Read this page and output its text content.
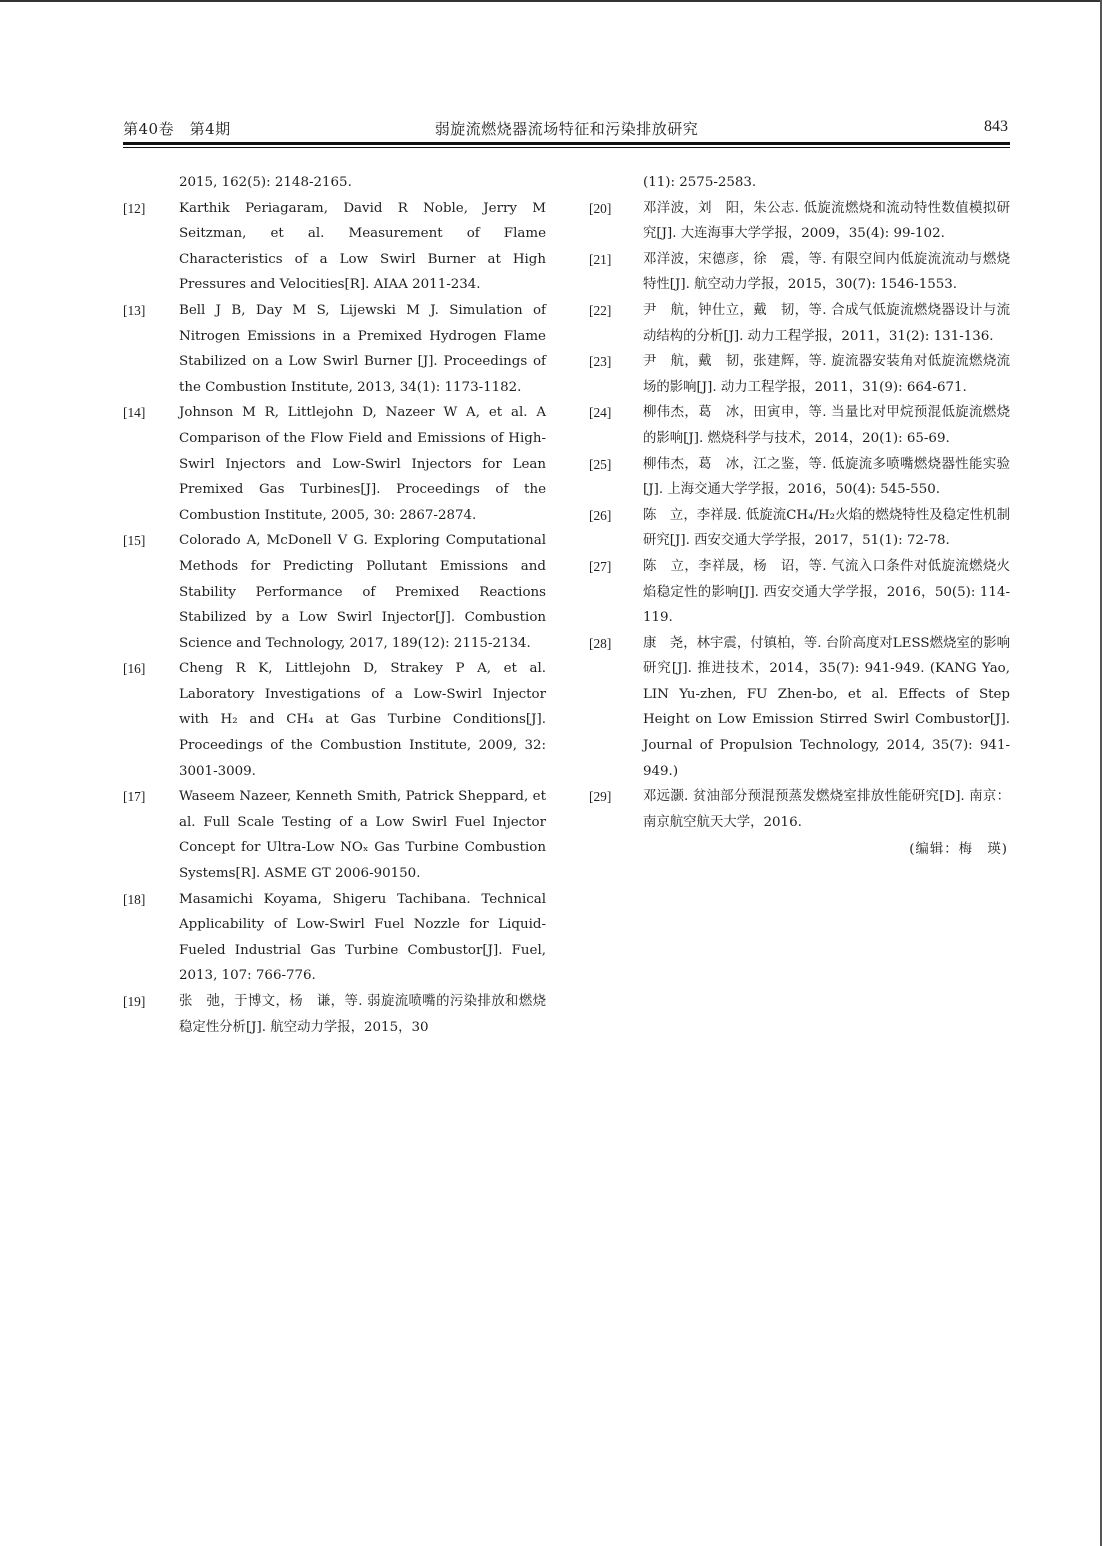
第40卷　第4期	弱旋流燃烧器流场特征和污染排放研究	843
2015, 162(5): 2148-2165.
[12]	Karthik Periagaram, David R Noble, Jerry M Seitzman, et al. Measurement of Flame Characteristics of a Low Swirl Burner at High Pressures and Velocities[R]. AIAA 2011-234.
[13]	Bell J B, Day M S, Lijewski M J. Simulation of Nitrogen Emissions in a Premixed Hydrogen Flame Stabilized on a Low Swirl Burner [J]. Proceedings of the Combustion Institute, 2013, 34(1): 1173-1182.
[14]	Johnson M R, Littlejohn D, Nazeer W A, et al. A Comparison of the Flow Field and Emissions of High-Swirl Injectors and Low-Swirl Injectors for Lean Premixed Gas Turbines[J]. Proceedings of the Combustion Institute, 2005, 30: 2867-2874.
[15]	Colorado A, McDonell V G. Exploring Computational Methods for Predicting Pollutant Emissions and Stability Performance of Premixed Reactions Stabilized by a Low Swirl Injector[J]. Combustion Science and Technology, 2017, 189(12): 2115-2134.
[16]	Cheng R K, Littlejohn D, Strakey P A, et al. Laboratory Investigations of a Low-Swirl Injector with H₂ and CH₄ at Gas Turbine Conditions[J]. Proceedings of the Combustion Institute, 2009, 32: 3001-3009.
[17]	Waseem Nazeer, Kenneth Smith, Patrick Sheppard, et al. Full Scale Testing of a Low Swirl Fuel Injector Concept for Ultra-Low NOₓ Gas Turbine Combustion Systems[R]. ASME GT 2006-90150.
[18]	Masamichi Koyama, Shigeru Tachibana. Technical Applicability of Low-Swirl Fuel Nozzle for Liquid-Fueled Industrial Gas Turbine Combustor[J]. Fuel, 2013, 107: 766-776.
[19]	张　弛，于博文，杨　谦，等. 弱旋流喷嘴的污染排放和燃烧稳定性分析[J]. 航空动力学报，2015，30
(11): 2575-2583.
[20]	邓洋波，刘　阳，朱公志. 低旋流燃烧和流动特性数值模拟研究[J]. 大连海事大学学报，2009，35(4): 99-102.
[21]	邓洋波，宋德彦，徐　震，等. 有限空间内低旋流流动与燃烧特性[J]. 航空动力学报，2015，30(7): 1546-1553.
[22]	尹　航，钟仕立，戴　韧，等. 合成气低旋流燃烧器设计与流动结构的分析[J]. 动力工程学报，2011，31(2): 131-136.
[23]	尹　航，戴　韧，张建辉，等. 旋流器安装角对低旋流燃烧流场的影响[J]. 动力工程学报，2011，31(9): 664-671.
[24]	柳伟杰，葛　冰，田寅申，等. 当量比对甲烷预混低旋流燃烧的影响[J]. 燃烧科学与技术，2014，20(1): 65-69.
[25]	柳伟杰，葛　冰，江之鉴，等. 低旋流多喷嘴燃烧器性能实验[J]. 上海交通大学学报，2016，50(4): 545-550.
[26]	陈　立，李祥晟. 低旋流CH₄/H₂火焰的燃烧特性及稳定性机制研究[J]. 西安交通大学学报，2017，51(1): 72-78.
[27]	陈　立，李祥晟，杨　诏，等. 气流入口条件对低旋流燃烧火焰稳定性的影响[J]. 西安交通大学学报，2016，50(5): 114-119.
[28]	康　尧，林宇震，付镇柏，等. 台阶高度对LESS燃烧室的影响研究[J]. 推进技术，2014，35(7): 941-949. (KANG Yao, LIN Yu-zhen, FU Zhen-bo, et al. Effects of Step Height on Low Emission Stirred Swirl Combustor[J]. Journal of Propulsion Technology, 2014, 35(7): 941-949.)
[29]	邓远灏. 贫油部分预混预蒸发燃烧室排放性能研究[D]. 南京：南京航空航天大学，2016.
(编辑：梅　瑛)
